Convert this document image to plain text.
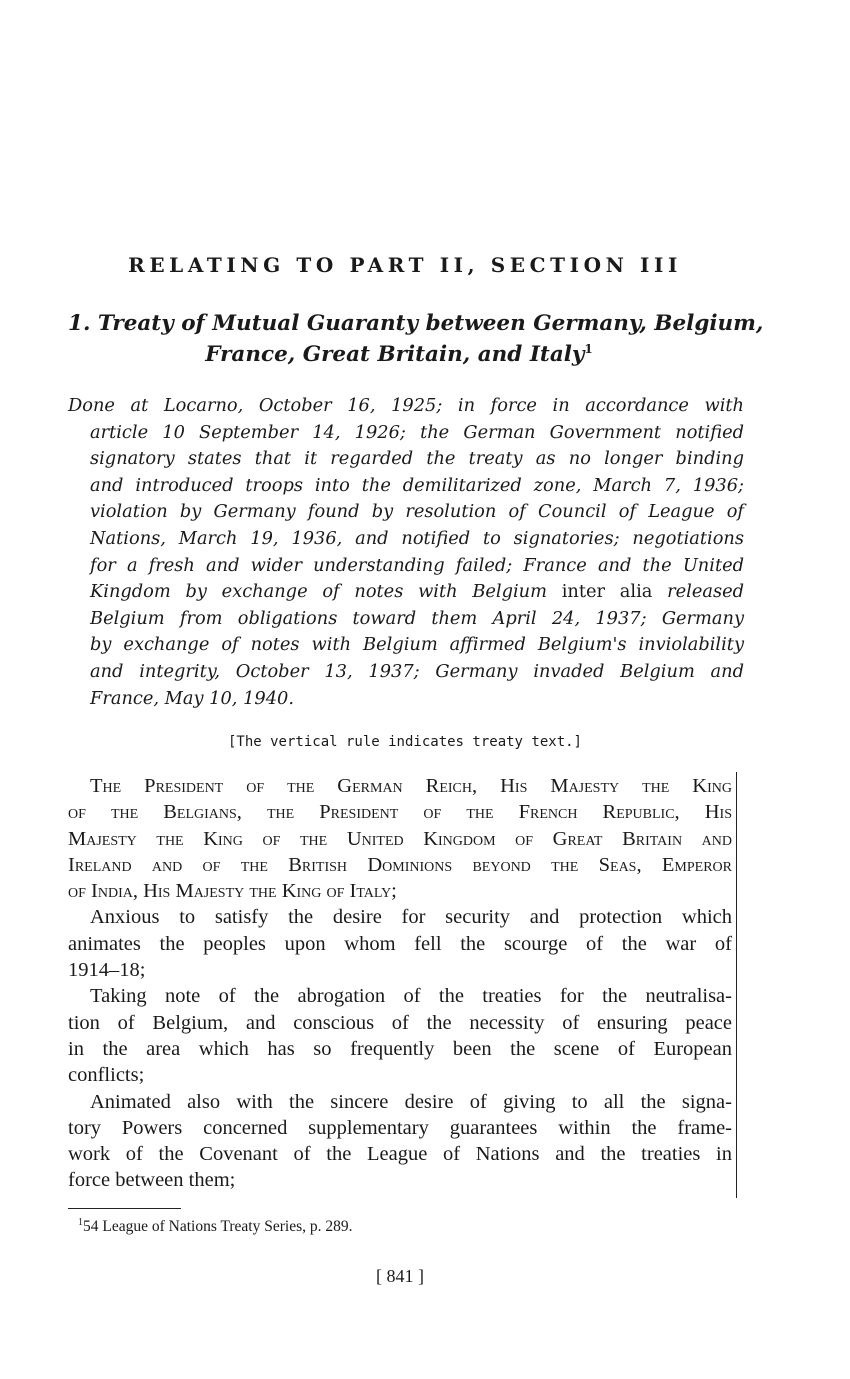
RELATING TO PART II, SECTION III
1. Treaty of Mutual Guaranty between Germany, Belgium,
France, Great Britain, and Italy$^1$
Done at Locarno, October 16, 1925; in force in accordance with
article 10 September 14, 1926; the German Government notified
signatory states that it regarded the treaty as no longer binding
and introduced troops into the demilitarized zone, March 7, 1936;
violation by Germany found by resolution of Council of League of
Nations, March 19, 1936, and notified to signatories; negotiations
for a fresh and wider understanding failed; France and the United
Kingdom by exchange of notes with Belgium inter alia released
Belgium from obligations toward them April 24, 1937; Germany
by exchange of notes with Belgium affirmed Belgium's inviolability
and integrity, October 13, 1937; Germany invaded Belgium and
France, May 10, 1940.
[The vertical rule indicates treaty text.]
The President of the German Reich, His Majesty the King
of the Belgians, the President of the French Republic, His
Majesty the King of the United Kingdom of Great Britain and
Ireland and of the British Dominions beyond the Seas, Emperor
of India, His Majesty the King of Italy;
Anxious to satisfy the desire for security and protection which
animates the peoples upon whom fell the scourge of the war of
1914–18;
Taking note of the abrogation of the treaties for the neutralisa-
tion of Belgium, and conscious of the necessity of ensuring peace
in the area which has so frequently been the scene of European
conflicts;
Animated also with the sincere desire of giving to all the signa-
tory Powers concerned supplementary guarantees within the frame-
work of the Covenant of the League of Nations and the treaties in
force between them;
$^1$54 League of Nations Treaty Series, p. 289.
[ 841 ]
